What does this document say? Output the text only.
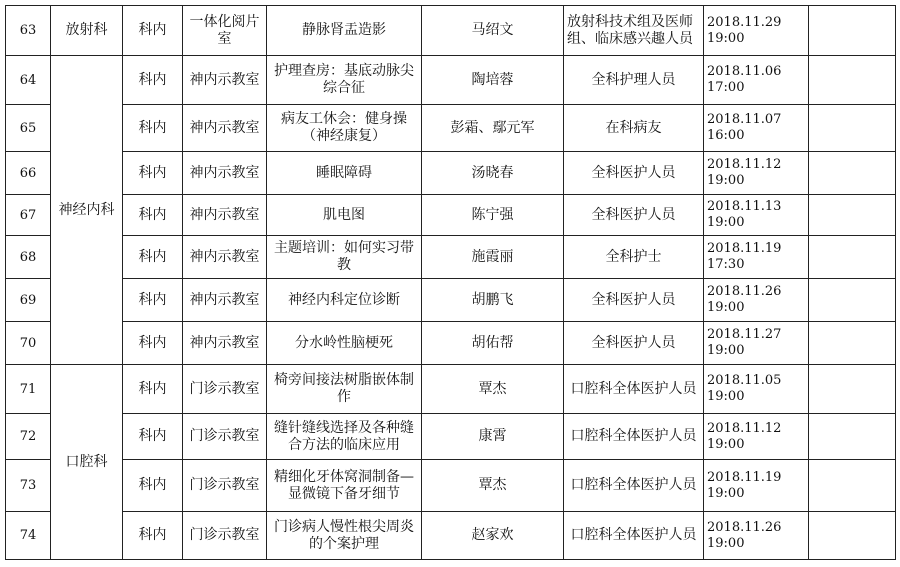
63	放射科	科内	一体化阅片室	静脉肾盂造影	马绍文	放射科技术组及医师组、临床感兴趣人员	2018.11.29 19:00	
64	神经内科	科内	神内示教室	护理查房：基底动脉尖综合征	陶培蓉	全科护理人员	2018.11.06 17:00	
65		科内	神内示教室	病友工休会：健身操（神经康复）	彭霜、鄢元军	在科病友	2018.11.07 16:00	
66		科内	神内示教室	睡眠障碍	汤晓春	全科医护人员	2018.11.12 19:00	
67		科内	神内示教室	肌电图	陈宁强	全科医护人员	2018.11.13 19:00	
68		科内	神内示教室	主题培训：如何实习带教	施霞丽	全科护士	2018.11.19 17:30	
69		科内	神内示教室	神经内科定位诊断	胡鹏飞	全科医护人员	2018.11.26 19:00	
70		科内	神内示教室	分水岭性脑梗死	胡佑帮	全科医护人员	2018.11.27 19:00	
71	口腔科	科内	门诊示教室	椅旁间接法树脂嵌体制作	覃杰	口腔科全体医护人员	2018.11.05 19:00	
72		科内	门诊示教室	缝针缝线选择及各种缝合方法的临床应用	康霄	口腔科全体医护人员	2018.11.12 19:00	
73		科内	门诊示教室	精细化牙体窝洞制备—显微镜下备牙细节	覃杰	口腔科全体医护人员	2018.11.19 19:00	
74		科内	门诊示教室	门诊病人慢性根尖周炎的个案护理	赵家欢	口腔科全体医护人员	2018.11.26 19:00	
